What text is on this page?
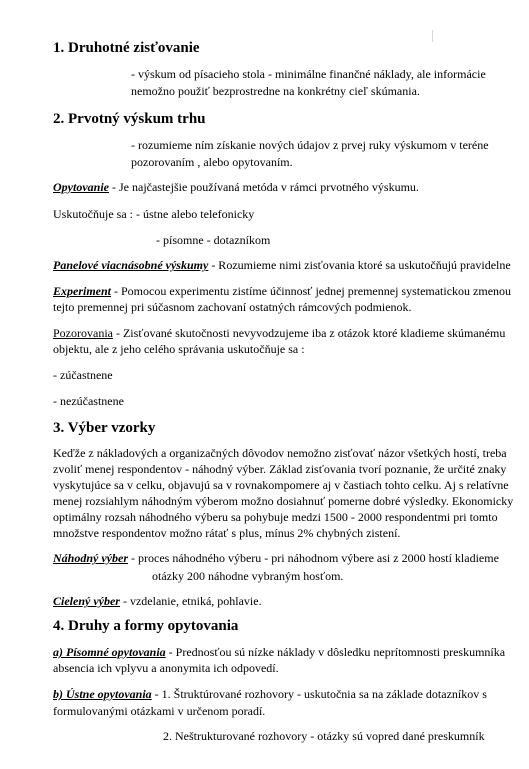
1. Druhotné zisťovanie
- výskum od písacieho stola - minimálne finančné náklady, ale informácie
nemožno použiť bezprostredne na konkrétny cieľ skúmania.
2. Prvotný výskum trhu
- rozumieme ním získanie nových údajov z prvej ruky výskumom v teréne
pozorovaním , alebo opytovaním.
Opytovanie - Je najčastejšie používaná metóda v rámci prvotného výskumu.
Uskutočňuje sa : - ústne alebo telefonicky
- písomne - dotazníkom
Panelové viacnásobné výskumy - Rozumieme nimi zisťovania ktoré sa uskutočňujú pravidelne
Experiment - Pomocou experimentu zistíme účinnosť jednej premennej systematickou zmenou
tejto premennej pri súčasnom zachovaní ostatných rámcových podmienok.
Pozorovania - Zisťované skutočnosti nevyvodzujeme iba z otázok ktoré kladieme skúmanému
objektu, ale z jeho celého správania uskutočňuje sa :
- zúčastnene
- nezúčastnene
3. Výber vzorky
Keďže z nákladových a organizačných dôvodov nemožno zisťovať názor všetkých hostí, treba
zvoliť menej respondentov - náhodný výber. Základ zisťovania tvorí poznanie, že určité znaky
vyskytujúce sa v celku, objavujú sa v rovnakompomere aj v častiach tohto celku. Aj s relatívne
menej rozsiahlym náhodným výberom možno dosiahnuť pomerne dobré výsledky. Ekonomicky
optimálny rozsah náhodného výberu sa pohybuje medzi 1500 - 2000 respondentmi pri tomto
množstve respondentov možno rátať s plus, mínus 2% chybných zistení.
Náhodný výber - proces náhodného výberu - pri náhodnom výbere asi z 2000 hostí kladieme
otázky 200 náhodne vybraným hosťom.
Cielený výber - vzdelanie, etniká, pohlavie.
4. Druhy a formy opytovania
a) Písomné opytovania - Prednosťou sú nízke náklady v dôsledku neprítomnosti preskumníka
absencia ich vplyvu a anonymita ich odpovedí.
b) Ústne opytovania - 1. Štruktúrované rozhovory - uskutočnia sa na základe dotazníkov s
formulovanými otázkami v určenom poradí.
2. Neštrukturované rozhovory - otázky sú vopred dané preskumník
